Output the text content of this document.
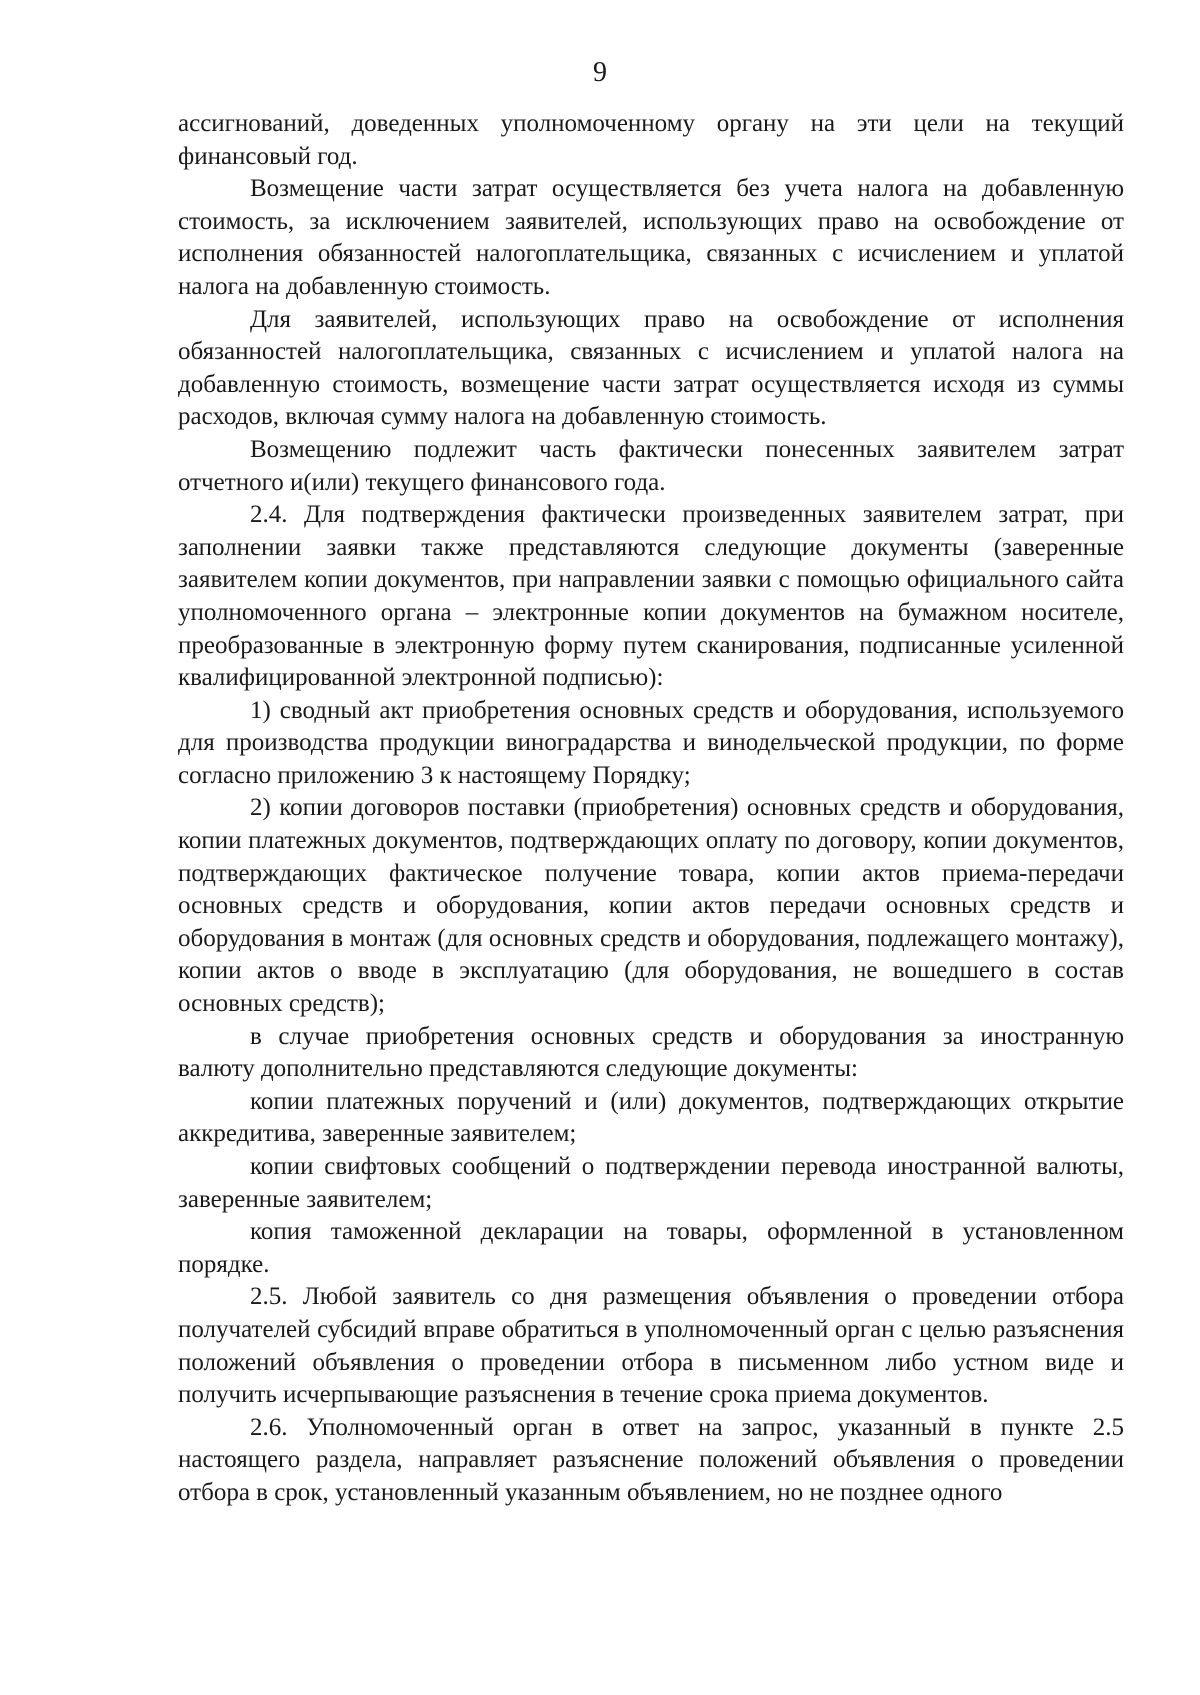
9

ассигнований, доведенных уполномоченному органу на эти цели на текущий финансовый год.

Возмещение части затрат осуществляется без учета налога на добавленную стоимость, за исключением заявителей, использующих право на освобождение от исполнения обязанностей налогоплательщика, связанных с исчислением и уплатой налога на добавленную стоимость.

Для заявителей, использующих право на освобождение от исполнения обязанностей налогоплательщика, связанных с исчислением и уплатой налога на добавленную стоимость, возмещение части затрат осуществляется исходя из суммы расходов, включая сумму налога на добавленную стоимость.

Возмещению подлежит часть фактически понесенных заявителем затрат отчетного и(или) текущего финансового года.

2.4. Для подтверждения фактически произведенных заявителем затрат, при заполнении заявки также представляются следующие документы (заверенные заявителем копии документов, при направлении заявки с помощью официального сайта уполномоченного органа – электронные копии документов на бумажном носителе, преобразованные в электронную форму путем сканирования, подписанные усиленной квалифицированной электронной подписью):

1) сводный акт приобретения основных средств и оборудования, используемого для производства продукции виноградарства и винодельческой продукции, по форме согласно приложению 3 к настоящему Порядку;

2) копии договоров поставки (приобретения) основных средств и оборудования, копии платежных документов, подтверждающих оплату по договору, копии документов, подтверждающих фактическое получение товара, копии актов приема-передачи основных средств и оборудования, копии актов передачи основных средств и оборудования в монтаж (для основных средств и оборудования, подлежащего монтажу), копии актов о вводе в эксплуатацию (для оборудования, не вошедшего в состав основных средств);

в случае приобретения основных средств и оборудования за иностранную валюту дополнительно представляются следующие документы:

копии платежных поручений и (или) документов, подтверждающих открытие аккредитива, заверенные заявителем;

копии свифтовых сообщений о подтверждении перевода иностранной валюты, заверенные заявителем;

копия таможенной декларации на товары, оформленной в установленном порядке.

2.5. Любой заявитель со дня размещения объявления о проведении отбора получателей субсидий вправе обратиться в уполномоченный орган с целью разъяснения положений объявления о проведении отбора в письменном либо устном виде и получить исчерпывающие разъяснения в течение срока приема документов.

2.6. Уполномоченный орган в ответ на запрос, указанный в пункте 2.5 настоящего раздела, направляет разъяснение положений объявления о проведении отбора в срок, установленный указанным объявлением, но не позднее одного
